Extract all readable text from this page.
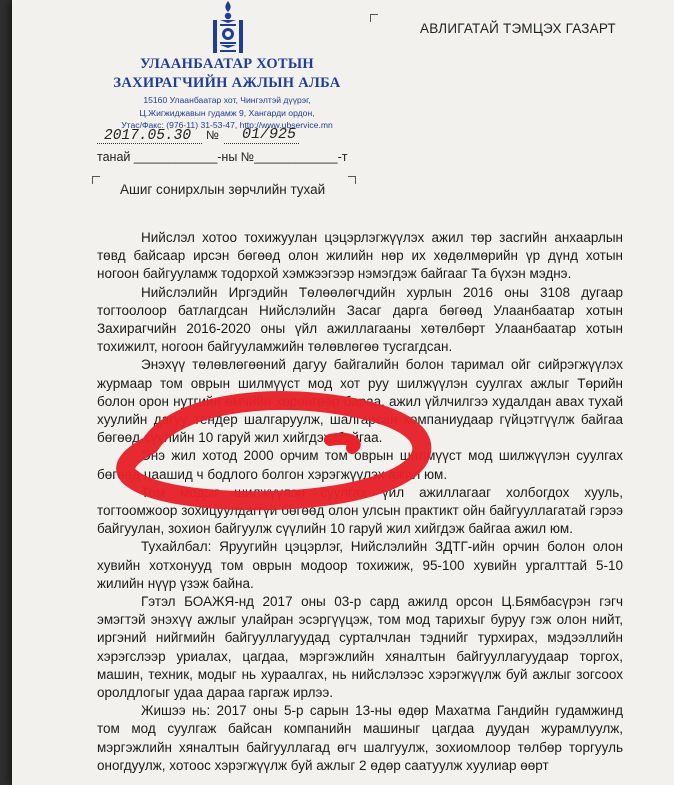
УЛААНБААТАР ХОТЫН
ЗАХИРАГЧИЙН АЖЛЫН АЛБА
15160 Улаанбаатар хот, Чингэлтэй дүүрэг,
Ц.Жигжиджавын гудамж 9, Хангарди ордон,
Утас/Факс: (976-11) 31-53-47, http://www.ubservice.mn
АВЛИГАТАЙ ТЭМЦЭХ ГАЗАРТ
2017.05.30 № 01/925
танай ____________-ны №____________-т
Ашиг сонирхлын зөрчлийн тухай

Нийслэл хотоо тохижуулан цэцэрлэгжүүлэх ажил төр засгийн анхаарлын төвд байсаар ирсэн бөгөөд олон жилийн нөр их хөдөлмөрийн үр дүнд хотын ногоон байгууламж тодорхой хэмжээгээр нэмэгдэж байгааг Та бүхэн мэднэ.

Нийслэлийн Иргэдийн Төлөөлөгчдийн хурлын 2016 оны 3108 дугаар тогтоолоор батлагдсан Нийслэлийн Засаг дарга бөгөөд Улаанбаатар хотын Захирагчийн 2016-2020 оны үйл ажиллагааны хөтөлбөрт Улаанбаатар хотын тохижилт, ногоон байгууламжийн төлөвлөгөө тусгагдсан.

Энэхүү төлөвлөгөөний дагуу байгалийн болон таримал ойг сийрэгжүүлэх журмаар том оврын шилмүүст мод хот руу шилжүүлэн суулгах ажлыг Төрийн болон орон нутгийн өмчийн хөрөнгөөр бараа, ажил үйлчилгээ худалдан авах тухай хуулийн дагуу тендер шалгаруулж, шалгарсан компаниудаар гүйцэтгүүлж байгаа бөгөөд сүүлийн 10 гаруй жил хийгдэж байгаа.

Энэ жил хотод 2000 орчим том оврын шилмүүст мод шилжүүлэн суулгах бөгөөд цаашид ч бодлого болгон хэрэгжүүлэх ажил юм.

Том модыг шилжүүлэн суулгах үйл ажиллагааг холбогдох хууль, тогтоомжоор зохицуулдаггүй бөгөөд олон улсын практикт ойн байгууллагатай гэрээ байгуулан, зохион байгуулж сүүлийн 10 гаруй жил хийгдэж байгаа ажил юм.

Тухайлбал: Яруугийн цэцэрлэг, Нийслэлийн ЗДТГ-ийн орчин болон олон хувийн хотхонууд том оврын модоор тохижиж, 95-100 хувийн ургалттай 5-10 жилийн нүүр үзэж байна.

Гэтэл БОАЖЯ-нд 2017 оны 03-р сард ажилд орсон Ц.Бямбасүрэн гэгч эмэгтэй энэхүү ажлыг улайран эсэргүүцэж, том мод тарихыг буруу гэж олон нийт, иргэний нийгмийн байгууллагуудад сурталчлан тэднийг турхирах, мэдээллийн хэрэгслээр уриалах, цагдаа, мэргэжлийн хяналтын байгууллагуудаар торгох, машин, техник, модыг нь хураалгах, нь нийслэлээс хэрэгжүүлж буй ажлыг зогсоох оролдлогыг удаа дараа гаргаж ирлээ.

Жишээ нь: 2017 оны 5-р сарын 13-ны өдөр Махатма Гандийн гудамжинд том мод суулгаж байсан компанийн машиныг цагдаа дуудан журамлуулж, мэргэжлийн хяналтын байгууллагад өгч шалгуулж, зохиомлоор төлбөр торгууль оногдуулж, хотоос хэрэгжүүлж буй ажлыг 2 өдөр саатуулж хуулиар өөрт
